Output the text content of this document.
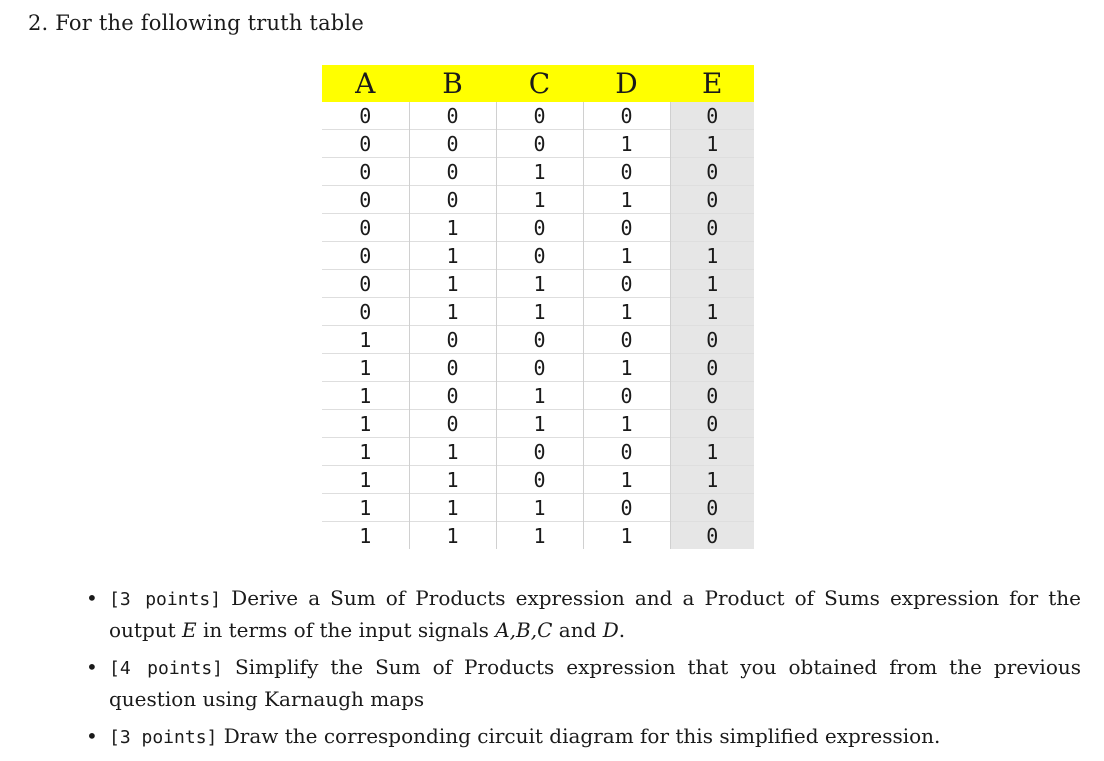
2. For the following truth table
A	B	C	D	E
0	0	0	0	0
0	0	0	1	1
0	0	1	0	0
0	0	1	1	0
0	1	0	0	0
0	1	0	1	1
0	1	1	0	1
0	1	1	1	1
1	0	0	0	0
1	0	0	1	0
1	0	1	0	0
1	0	1	1	0
1	1	0	0	1
1	1	0	1	1
1	1	1	0	0
1	1	1	1	0
• [3 points] Derive a Sum of Products expression and a Product of Sums expression for the output E in terms of the input signals A,B,C and D.
• [4 points] Simplify the Sum of Products expression that you obtained from the previous question using Karnaugh maps
• [3 points] Draw the corresponding circuit diagram for this simplified expression.
